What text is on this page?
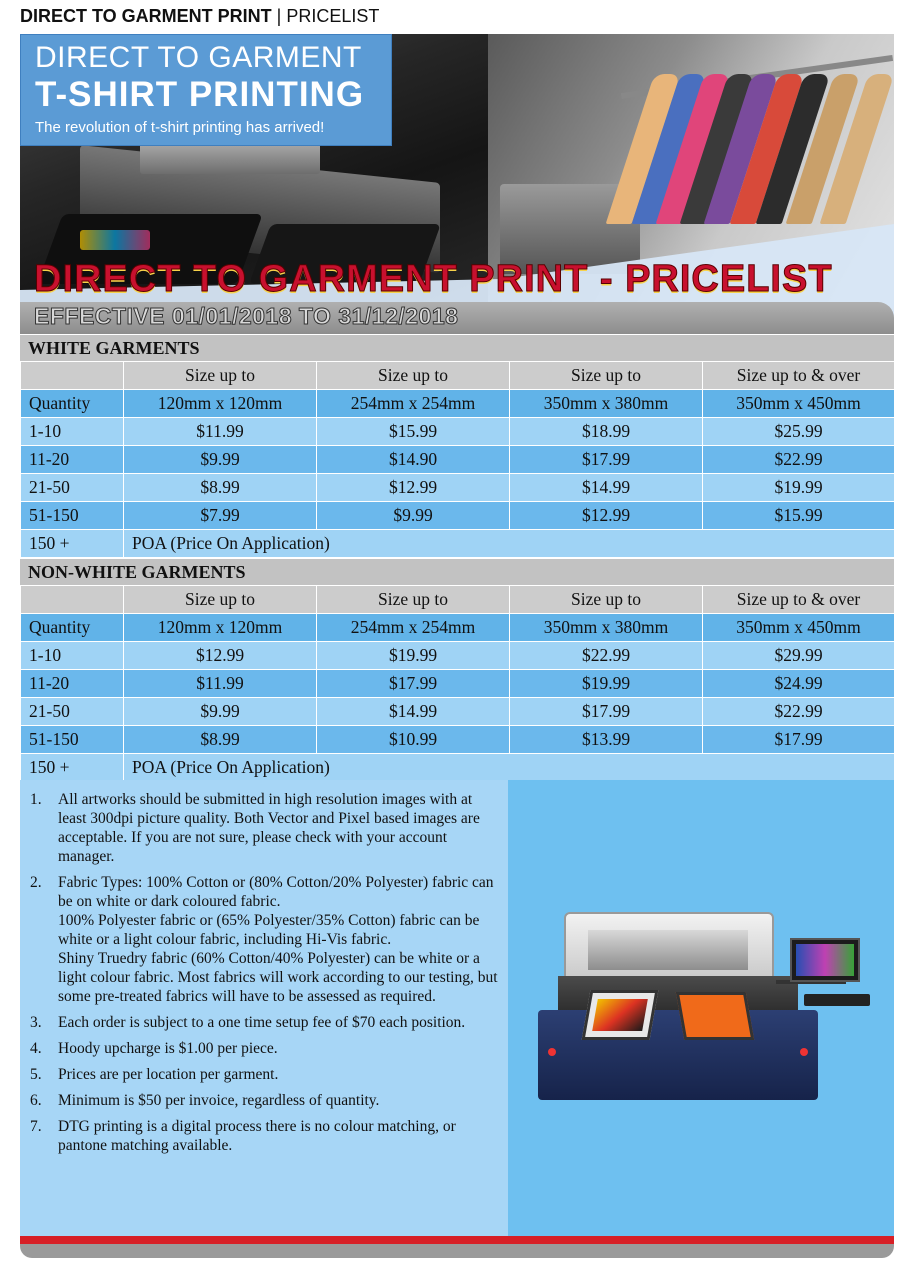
DIRECT TO GARMENT PRINT | PRICELIST
DIRECT TO GARMENT
T-SHIRT PRINTING
The revolution of t-shirt printing has arrived!
DIRECT TO GARMENT PRINT - PRICELIST
EFFECTIVE 01/01/2018 TO 31/12/2018
WHITE GARMENTS
	Size up to	Size up to	Size up to	Size up to & over
Quantity	120mm x 120mm	254mm x 254mm	350mm x 380mm	350mm x 450mm
1-10	$11.99	$15.99	$18.99	$25.99
11-20	$9.99	$14.90	$17.99	$22.99
21-50	$8.99	$12.99	$14.99	$19.99
51-150	$7.99	$9.99	$12.99	$15.99
150 +	POA (Price On Application)			
NON-WHITE GARMENTS
	Size up to	Size up to	Size up to	Size up to & over
Quantity	120mm x 120mm	254mm x 254mm	350mm x 380mm	350mm x 450mm
1-10	$12.99	$19.99	$22.99	$29.99
11-20	$11.99	$17.99	$19.99	$24.99
21-50	$9.99	$14.99	$17.99	$22.99
51-150	$8.99	$10.99	$13.99	$17.99
150 +	POA (Price On Application)			
1.	All artworks should be submitted in high resolution images with at least 300dpi picture quality. Both Vector and Pixel based images are acceptable. If you are not sure, please check with your account manager.
2.	Fabric Types: 100% Cotton or (80% Cotton/20% Polyester) fabric can be on white or dark coloured fabric.
100% Polyester fabric or (65% Polyester/35% Cotton) fabric can be white or a light colour fabric, including Hi-Vis fabric.
Shiny Truedry fabric (60% Cotton/40% Polyester) can be white or a light colour fabric. Most fabrics will work according to our testing, but some pre-treated fabrics will have to be assessed as required.
3.	Each order is subject to a one time setup fee of $70 each position.
4.	Hoody upcharge is $1.00 per piece.
5.	Prices are per location per garment.
6.	Minimum is $50 per invoice, regardless of quantity.
7.	DTG printing is a digital process there is no colour matching, or pantone matching available.
